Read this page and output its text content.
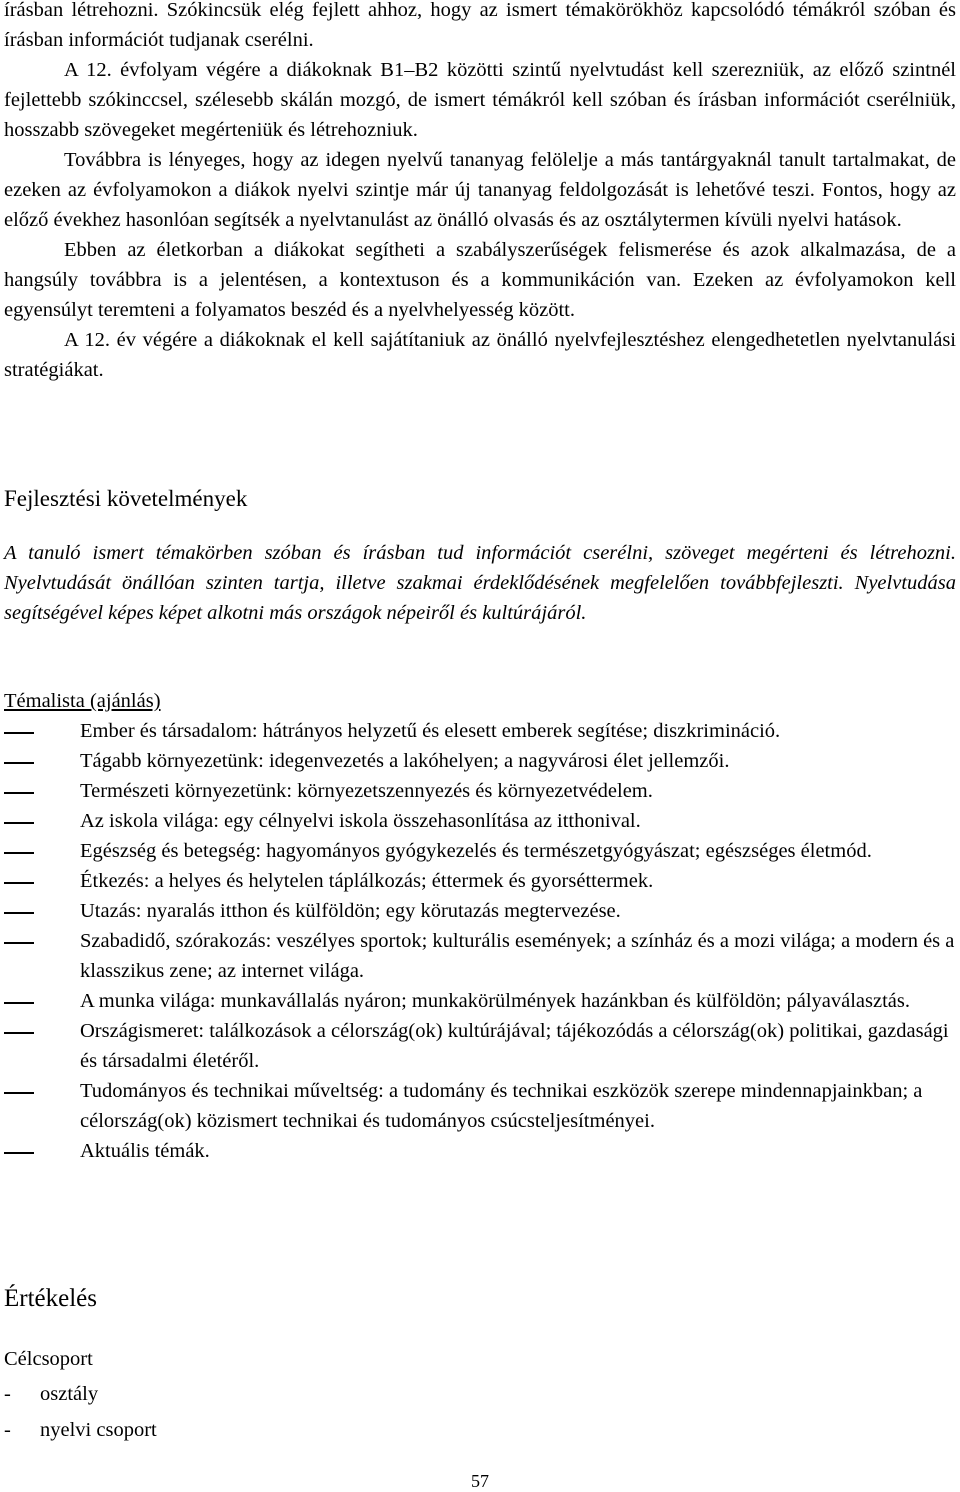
írásban létrehozni. Szókincsük elég fejlett ahhoz, hogy az ismert témakörökhöz kapcsolódó témákról szóban és írásban információt tudjanak cserélni.

A 12. évfolyam végére a diákoknak B1–B2 közötti szintű nyelvtudást kell szerezniük, az előző szintnél fejlettebb szókinccsel, szélesebb skálán mozgó, de ismert témákról kell szóban és írásban információt cserélniük, hosszabb szövegeket megérteniük és létrehozniuk.

Továbbra is lényeges, hogy az idegen nyelvű tananyag felölelje a más tantárgyaknál tanult tartalmakat, de ezeken az évfolyamokon a diákok nyelvi szintje már új tananyag feldolgozását is lehetővé teszi. Fontos, hogy az előző évekhez hasonlóan segítsék a nyelvtanulást az önálló olvasás és az osztálytermen kívüli nyelvi hatások.

Ebben az életkorban a diákokat segítheti a szabályszerűségek felismerése és azok alkalmazása, de a hangsúly továbbra is a jelentésen, a kontextuson és a kommunikáción van. Ezeken az évfolyamokon kell egyensúlyt teremteni a folyamatos beszéd és a nyelvhelyesség között.

A 12. év végére a diákoknak el kell sajátítaniuk az önálló nyelvfejlesztéshez elengedhetetlen nyelvtanulási stratégiákat.

Fejlesztési követelmények

A tanuló ismert témakörben szóban és írásban tud információt cserélni, szöveget megérteni és létrehozni. Nyelvtudását önállóan szinten tartja, illetve szakmai érdeklődésének megfelelően továbbfejleszti. Nyelvtudása segítségével képes képet alkotni más országok népeiről és kultúrájáról.

Témalista (ajánlás)

Ember és társadalom: hátrányos helyzetű és elesett emberek segítése; diszkrimináció.
Tágabb környezetünk: idegenvezetés a lakóhelyen; a nagyvárosi élet jellemzői.
Természeti környezetünk: környezetszennyezés és környezetvédelem.
Az iskola világa: egy célnyelvi iskola összehasonlítása az itthonival.
Egészség és betegség: hagyományos gyógykezelés és természetgyógyászat; egészséges életmód.
Étkezés: a helyes és helytelen táplálkozás; éttermek és gyorséttermek.
Utazás: nyaralás itthon és külföldön; egy körutazás megtervezése.
Szabadidő, szórakozás: veszélyes sportok; kulturális események; a színház és a mozi világa; a modern és a klasszikus zene; az internet világa.
A munka világa: munkavállalás nyáron; munkakörülmények hazánkban és külföldön; pályaválasztás.
Országismeret: találkozások a célország(ok) kultúrájával; tájékozódás a célország(ok) politikai, gazdasági és társadalmi életéről.
Tudományos és technikai műveltség: a tudomány és technikai eszközök szerepe mindennapjainkban; a célország(ok) közismert technikai és tudományos csúcsteljesítményei.
Aktuális témák.
Értékelés

Célcsoport

- osztály
- nyelvi csoport
57
